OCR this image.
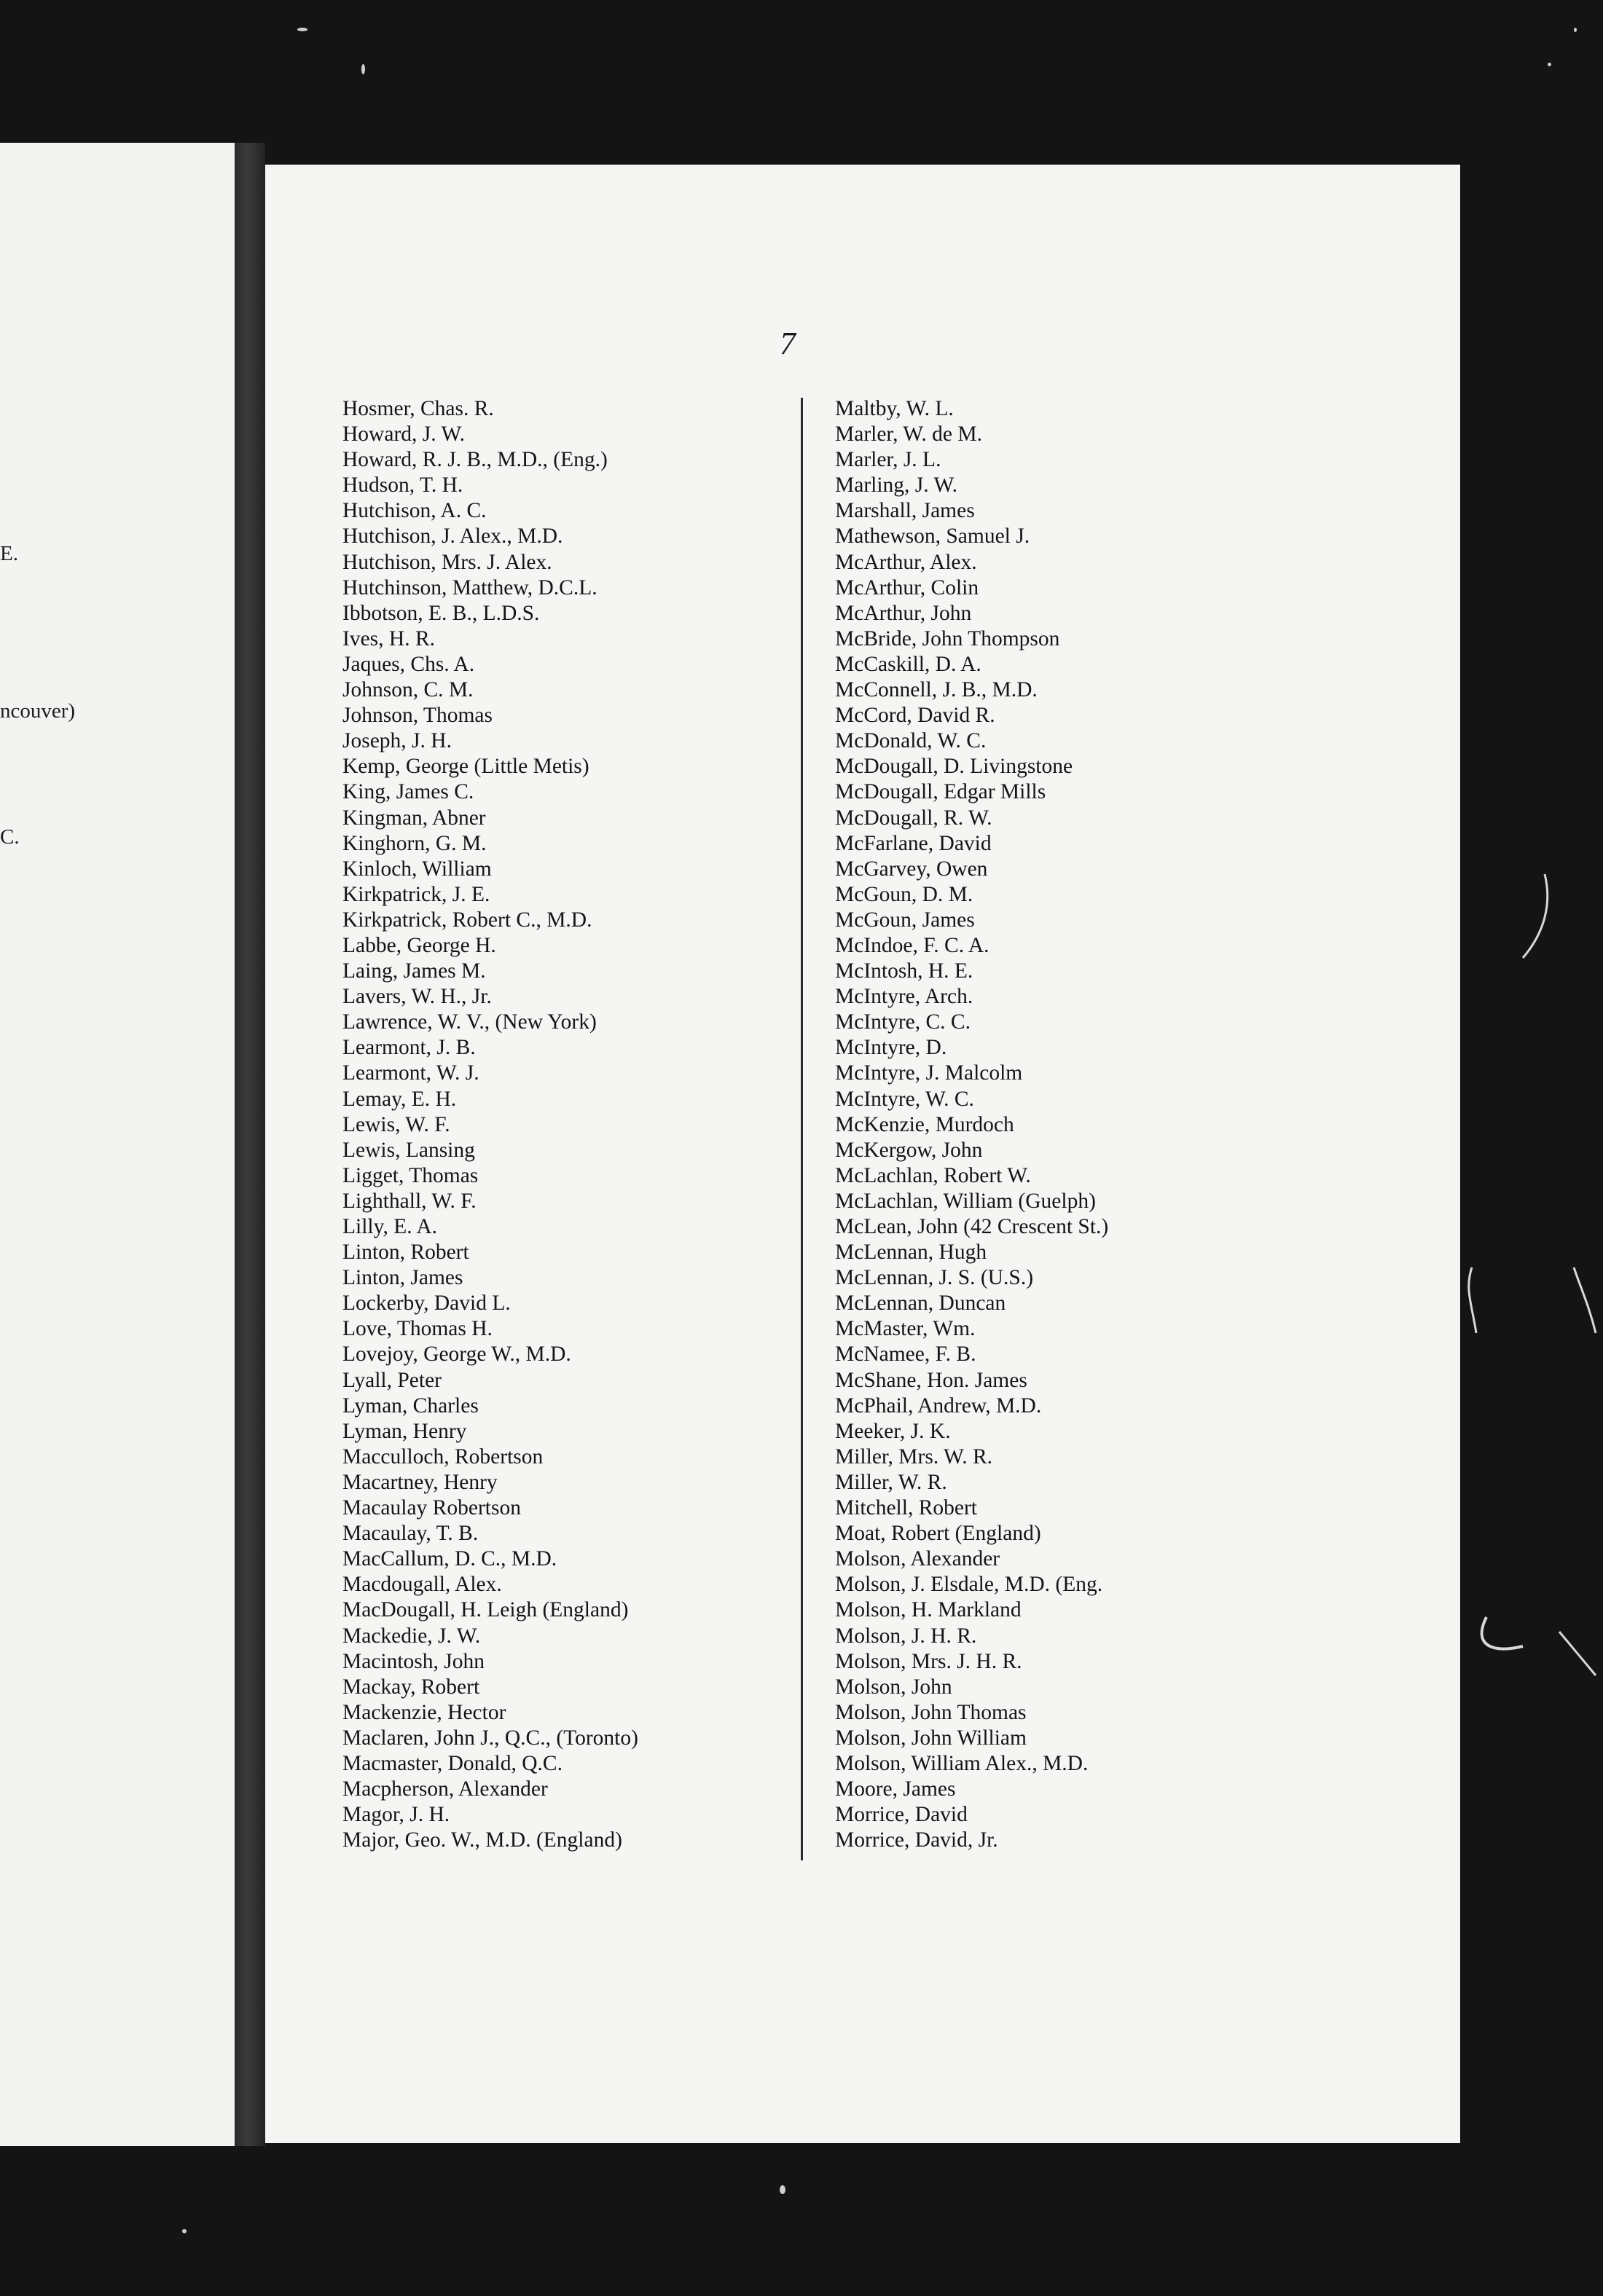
E.
ncouver)
C.
7
Hosmer, Chas. R.
Howard, J. W.
Howard, R. J. B., M.D., (Eng.)
Hudson, T. H.
Hutchison, A. C.
Hutchison, J. Alex., M.D.
Hutchison, Mrs. J. Alex.
Hutchinson, Matthew, D.C.L.
Ibbotson, E. B., L.D.S.
Ives, H. R.
Jaques, Chs. A.
Johnson, C. M.
Johnson, Thomas
Joseph, J. H.
Kemp, George (Little Metis)
King, James C.
Kingman, Abner
Kinghorn, G. M.
Kinloch, William
Kirkpatrick, J. E.
Kirkpatrick, Robert C., M.D.
Labbe, George H.
Laing, James M.
Lavers, W. H., Jr.
Lawrence, W. V., (New York)
Learmont, J. B.
Learmont, W. J.
Lemay, E. H.
Lewis, W. F.
Lewis, Lansing
Ligget, Thomas
Lighthall, W. F.
Lilly, E. A.
Linton, Robert
Linton, James
Lockerby, David L.
Love, Thomas H.
Lovejoy, George W., M.D.
Lyall, Peter
Lyman, Charles
Lyman, Henry
Macculloch, Robertson
Macartney, Henry
Macaulay Robertson
Macaulay, T. B.
MacCallum, D. C., M.D.
Macdougall, Alex.
MacDougall, H. Leigh (England)
Mackedie, J. W.
Macintosh, John
Mackay, Robert
Mackenzie, Hector
Maclaren, John J., Q.C., (Toronto)
Macmaster, Donald, Q.C.
Macpherson, Alexander
Magor, J. H.
Major, Geo. W., M.D. (England)
Maltby, W. L.
Marler, W. de M.
Marler, J. L.
Marling, J. W.
Marshall, James
Mathewson, Samuel J.
McArthur, Alex.
McArthur, Colin
McArthur, John
McBride, John Thompson
McCaskill, D. A.
McConnell, J. B., M.D.
McCord, David R.
McDonald, W. C.
McDougall, D. Livingstone
McDougall, Edgar Mills
McDougall, R. W.
McFarlane, David
McGarvey, Owen
McGoun, D. M.
McGoun, James
McIndoe, F. C. A.
McIntosh, H. E.
McIntyre, Arch.
McIntyre, C. C.
McIntyre, D.
McIntyre, J. Malcolm
McIntyre, W. C.
McKenzie, Murdoch
McKergow, John
McLachlan, Robert W.
McLachlan, William (Guelph)
McLean, John (42 Crescent St.)
McLennan, Hugh
McLennan, J. S. (U.S.)
McLennan, Duncan
McMaster, Wm.
McNamee, F. B.
McShane, Hon. James
McPhail, Andrew, M.D.
Meeker, J. K.
Miller, Mrs. W. R.
Miller, W. R.
Mitchell, Robert
Moat, Robert (England)
Molson, Alexander
Molson, J. Elsdale, M.D. (Eng.
Molson, H. Markland
Molson, J. H. R.
Molson, Mrs. J. H. R.
Molson, John
Molson, John Thomas
Molson, John William
Molson, William Alex., M.D.
Moore, James
Morrice, David
Morrice, David, Jr.
